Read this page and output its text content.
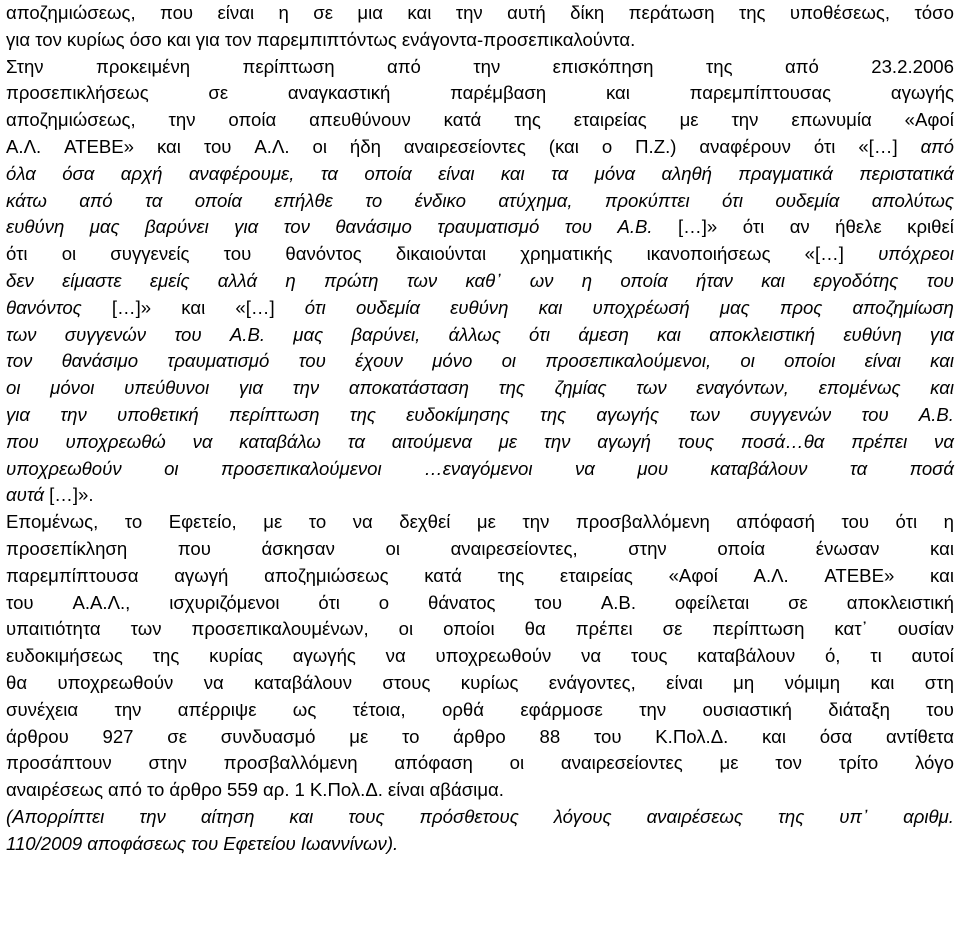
αποζημιώσεως, που είναι η σε μια και την αυτή δίκη περάτωση της υποθέσεως, τόσο
για τον κυρίως όσο και για τον παρεμπιπτόντως ενάγοντα-προσεπικαλούντα.
Στην	προκειμένη	περίπτωση	από	την	επισκόπηση	της	από	23.2.2006
προσεπικλήσεως	σε	αναγκαστική	παρέμβαση	και	παρεμπίπτουσας	αγωγής
αποζημιώσεως, την οποία απευθύνουν κατά της εταιρείας με την επωνυμία «Αφοί
Α.Λ. ΑΤΕΒΕ» και του Α.Λ. οι ήδη αναιρεσείοντες (και ο Π.Ζ.) αναφέρουν ότι «[…] από
όλα όσα αρχή αναφέρουμε, τα οποία είναι και τα μόνα αληθή πραγματικά περιστατικά
κάτω από τα οποία επήλθε το ένδικο ατύχημα, προκύπτει ότι ουδεμία απολύτως
ευθύνη μας βαρύνει για τον θανάσιμο τραυματισμό του Α.Β. […]» ότι αν ήθελε κριθεί
ότι οι συγγενείς του θανόντος δικαιούνται χρηματικής ικανοποιήσεως «[…] υπόχρεοι
δεν είμαστε εμείς αλλά η πρώτη των καθ᾽ ων η οποία ήταν και εργοδότης του
θανόντος […]» και «[…] ότι ουδεμία ευθύνη και υποχρέωσή μας προς αποζημίωση
των συγγενών του Α.Β. μας βαρύνει, άλλως ότι άμεση και αποκλειστική ευθύνη για
τον θανάσιμο τραυματισμό του έχουν μόνο οι προσεπικαλούμενοι, οι οποίοι είναι και
οι μόνοι υπεύθυνοι για την αποκατάσταση της ζημίας των εναγόντων, επομένως και
για την υποθετική περίπτωση της ευδοκίμησης της αγωγής των συγγενών του Α.Β.
που υποχρεωθώ να καταβάλω τα αιτούμενα με την αγωγή τους ποσά…θα πρέπει να
υποχρεωθούν οι προσεπικαλούμενοι …εναγόμενοι να μου καταβάλουν τα ποσά
αυτά […]».
Επομένως, το Εφετείο, με το να δεχθεί με την προσβαλλόμενη απόφασή του ότι η
προσεπίκληση	που	άσκησαν	οι	αναιρεσείοντες,	στην	οποία	ένωσαν	και
παρεμπίπτουσα αγωγή αποζημιώσεως κατά της εταιρείας «Αφοί Α.Λ. ΑΤΕΒΕ» και
του Α.Α.Λ., ισχυριζόμενοι ότι ο θάνατος του Α.Β. οφείλεται σε αποκλειστική
υπαιτιότητα των προσεπικαλουμένων, οι οποίοι θα πρέπει σε περίπτωση κατ᾽ ουσίαν
ευδοκιμήσεως της κυρίας αγωγής να υποχρεωθούν να τους καταβάλουν ό, τι αυτοί
θα υποχρεωθούν να καταβάλουν στους κυρίως ενάγοντες, είναι μη νόμιμη και στη
συνέχεια την απέρριψε ως τέτοια, ορθά εφάρμοσε την ουσιαστική διάταξη του
άρθρου 927 σε συνδυασμό με το άρθρο 88 του Κ.Πολ.Δ. και όσα αντίθετα
προσάπτουν στην προσβαλλόμενη απόφαση οι αναιρεσείοντες με τον τρίτο λόγο
αναιρέσεως από το άρθρο 559 αρ. 1 Κ.Πολ.Δ. είναι αβάσιμα.
(Απορρίπτει την αίτηση και τους πρόσθετους λόγους αναιρέσεως της υπ᾽ αριθμ.
110/2009 αποφάσεως του Εφετείου Ιωαννίνων).
